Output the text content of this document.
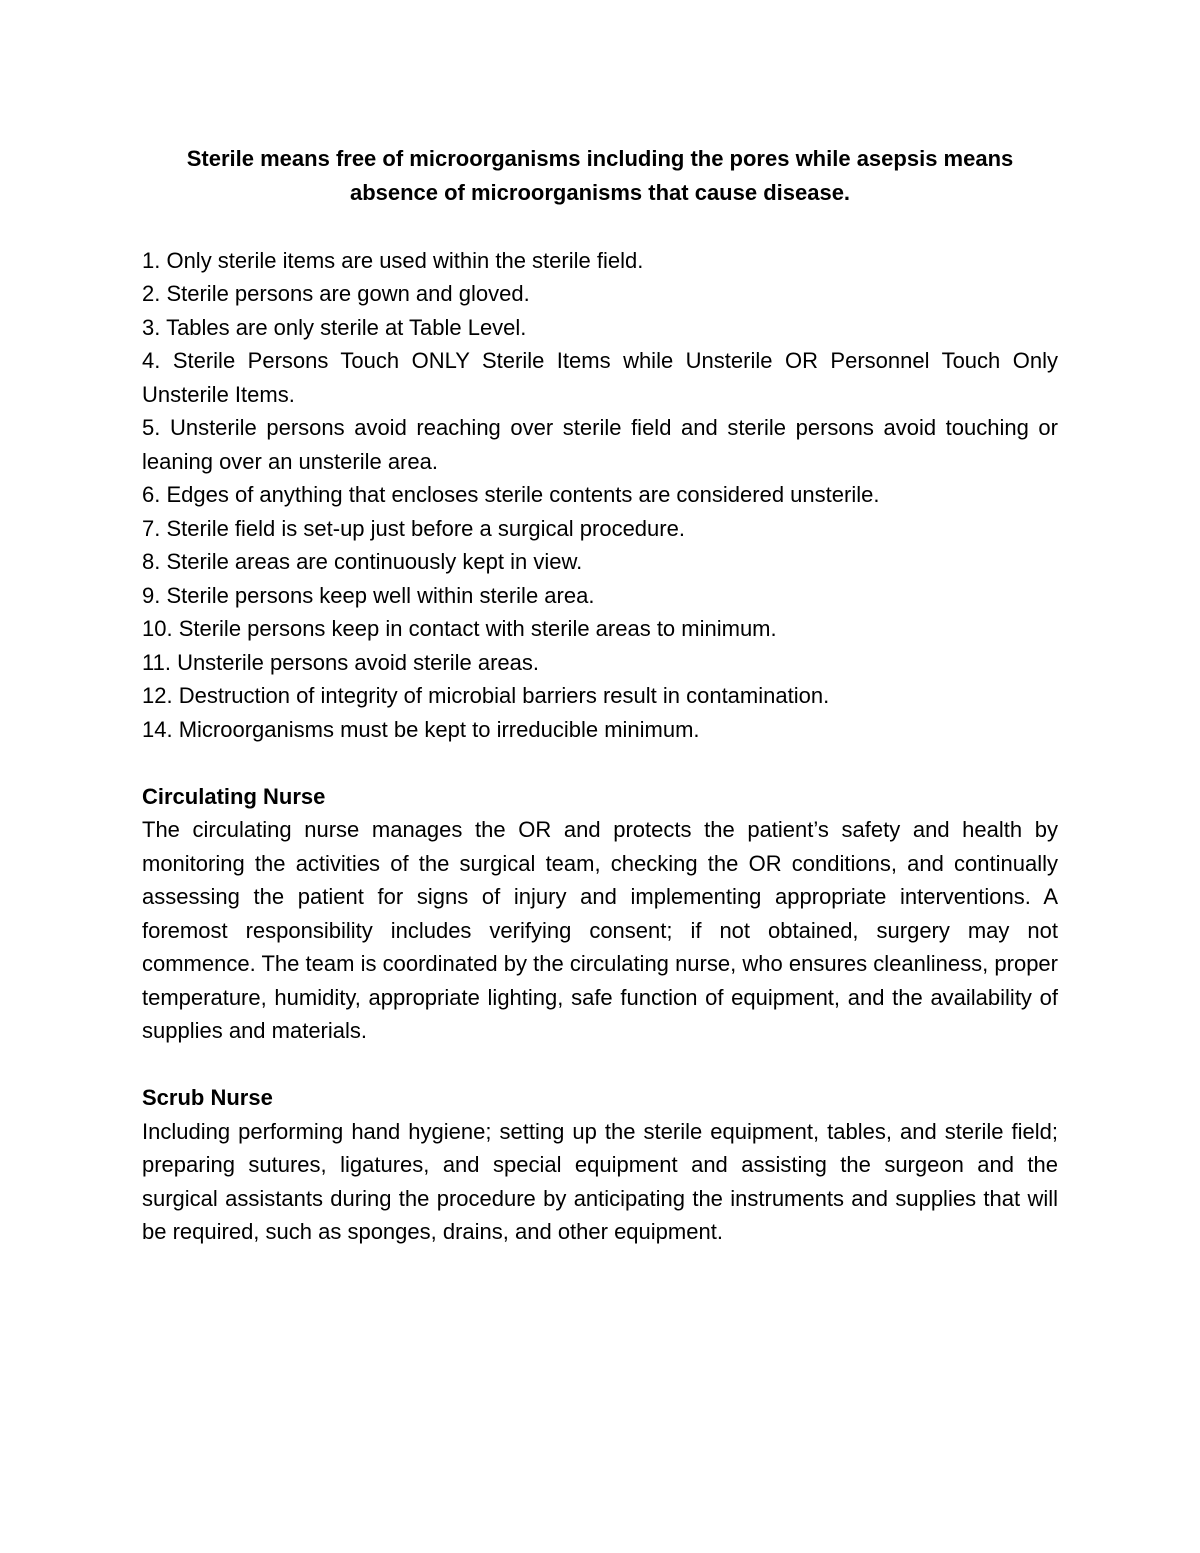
Sterile means free of microorganisms including the pores while asepsis means absence of microorganisms that cause disease.

1. Only sterile items are used within the sterile field.
2. Sterile persons are gown and gloved.
3. Tables are only sterile at Table Level.
4. Sterile Persons Touch ONLY Sterile Items while Unsterile OR Personnel Touch Only Unsterile Items.
5. Unsterile persons avoid reaching over sterile field and sterile persons avoid touching or leaning over an unsterile area.
6. Edges of anything that encloses sterile contents are considered unsterile.
7. Sterile field is set-up just before a surgical procedure.
8. Sterile areas are continuously kept in view.
9. Sterile persons keep well within sterile area.
10. Sterile persons keep in contact with sterile areas to minimum.
11. Unsterile persons avoid sterile areas.
12. Destruction of integrity of microbial barriers result in contamination.
14. Microorganisms must be kept to irreducible minimum.
Circulating Nurse

The circulating nurse manages the OR and protects the patient’s safety and health by monitoring the activities of the surgical team, checking the OR conditions, and continually assessing the patient for signs of injury and implementing appropriate interventions. A foremost responsibility includes verifying consent; if not obtained, surgery may not commence. The team is coordinated by the circulating nurse, who ensures cleanliness, proper temperature, humidity, appropriate lighting, safe function of equipment, and the availability of supplies and materials.

Scrub Nurse

Including performing hand hygiene; setting up the sterile equipment, tables, and sterile field; preparing sutures, ligatures, and special equipment and assisting the surgeon and the surgical assistants during the procedure by anticipating the instruments and supplies that will be required, such as sponges, drains, and other equipment.
